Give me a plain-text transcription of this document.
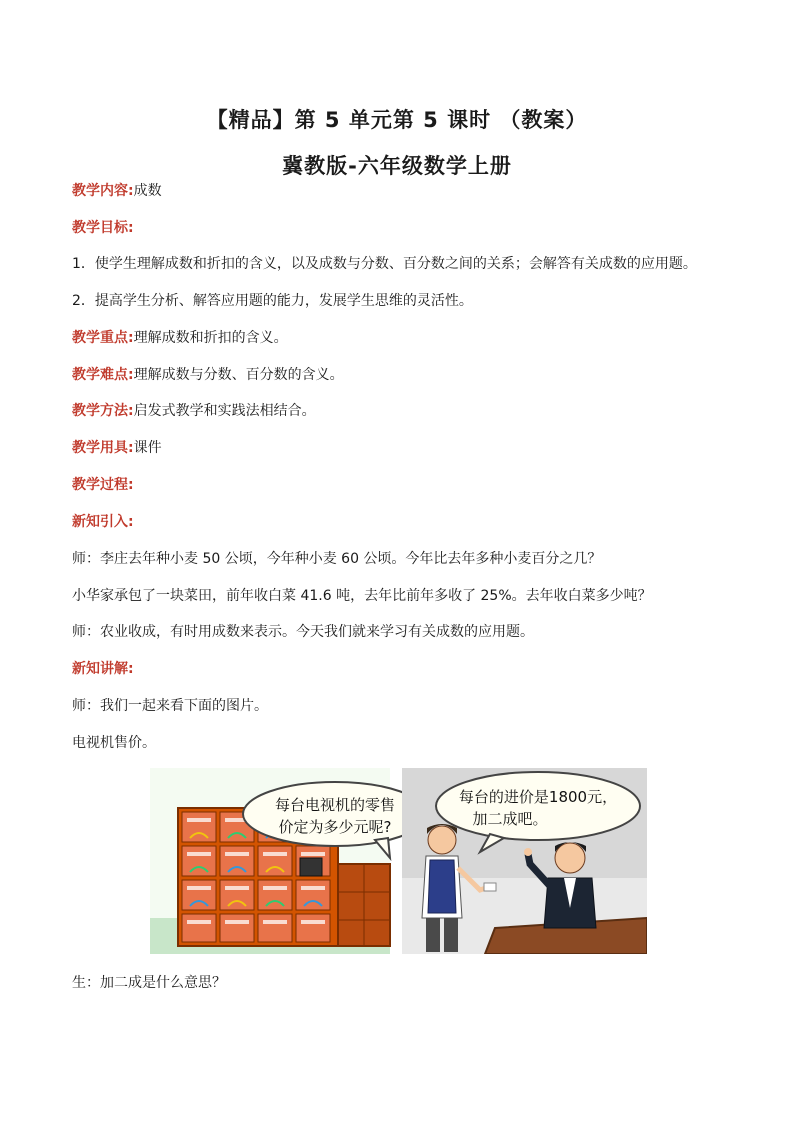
【精品】第 5 单元第 5 课时 （教案）
冀教版-六年级数学上册
教学内容:成数
教学目标:
1．使学生理解成数和折扣的含义，以及成数与分数、百分数之间的关系；会解答有关成数的应用题。
2．提高学生分析、解答应用题的能力，发展学生思维的灵活性。
教学重点:理解成数和折扣的含义。
教学难点:理解成数与分数、百分数的含义。
教学方法:启发式教学和实践法相结合。
教学用具:课件
教学过程:
新知引入:
师：李庄去年种小麦 50 公顷，今年种小麦 60 公顷。今年比去年多种小麦百分之几？
小华家承包了一块菜田，前年收白菜 41.6 吨，去年比前年多收了 25%。去年收白菜多少吨？
师：农业收成，有时用成数来表示。今天我们就来学习有关成数的应用题。
新知讲解:
师：我们一起来看下面的图片。
电视机售价。
每台电视机的零售
价定为多少元呢?
每台的进价是1800元，
加二成吧。
生：加二成是什么意思？
